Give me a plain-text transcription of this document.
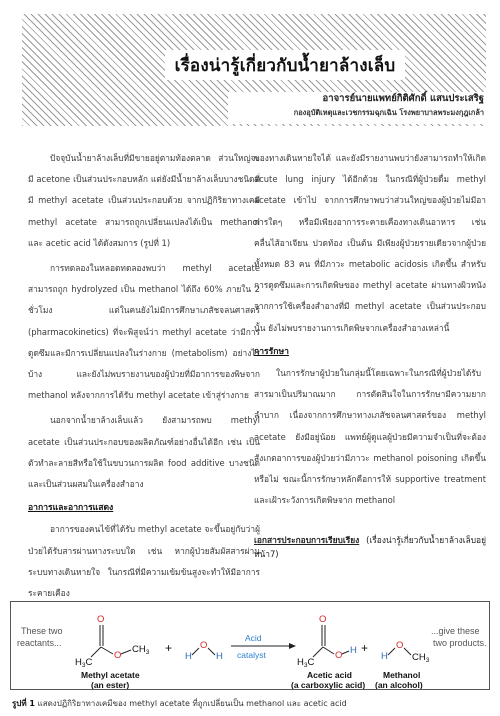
เรื่องน่ารู้เกี่ยวกับน้ำยาล้างเล็บ
อาจารย์นายแพทย์กิติศักดิ์ แสนประเสริฐ
กองอุบัติเหตุและเวชกรรมฉุกเฉิน โรงพยาบาลพระมงกุฎเกล้า

ปัจจุบันน้ำยาล้างเล็บที่มีขายอยู่ตามท้องตลาด ส่วนใหญ่จะมี acetone เป็นส่วนประกอบหลัก แต่ยังมีน้ำยาล้างเล็บบางชนิดที่มี methyl acetate เป็นส่วนประกอบด้วย จากปฏิกิริยาทางเคมี methyl acetate สามารถถูกเปลี่ยนแปลงได้เป็น methanol และ acetic acid ได้ดังสมการ (รูปที่ 1)

การทดลองในหลอดทดลองพบว่า methyl acetate สามารถถูก hydrolyzed เป็น methanol ได้ถึง 60% ภายใน 2 ชั่วโมง แต่ในคนยังไม่มีการศึกษาเภสัชจลนศาสตร์ (pharmacokinetics) ที่จะพิสูจน์ว่า methyl acetate ว่ามีการดูดซึมและมีการเปลี่ยนแปลงในร่างกาย (metabolism) อย่างไรบ้าง และยังไม่พบรายงานของผู้ป่วยที่มีอาการของพิษจาก methanol หลังจากการได้รับ methyl acetate เข้าสู่ร่างกาย

นอกจากน้ำยาล้างเล็บแล้ว ยังสามารถพบ methyl acetate เป็นส่วนประกอบของผลิตภัณฑ์อย่างอื่นได้อีก เช่น เป็นตัวทำละลายสีหรือใช้ในขบวนการผลิต food additive บางชนิด และเป็นส่วนผสมในเครื่องสำอาง

อาการและอาการแสดง

อาการของคนไข้ที่ได้รับ methyl acetate จะขึ้นอยู่กับว่าผู้ป่วยได้รับสารผ่านทางระบบใด เช่น หากผู้ป่วยสัมผัสสารผ่านระบบทางเดินหายใจ ในกรณีที่มีความเข้มข้นสูงจะทำให้มีอาการระคายเคือง

ของทางเดินหายใจได้ และยังมีรายงานพบว่ายังสามารถทำให้เกิด acute lung injury ได้อีกด้วย ในกรณีที่ผู้ป่วยดื่ม methyl acetate เข้าไป จากการศึกษาพบว่าส่วนใหญ่ของผู้ป่วยไม่มีอาการใดๆ หรือมีเพียงอาการระคายเคืองทางเดินอาหาร เช่น คลื่นไส้อาเจียน ปวดท้อง เป็นต้น มีเพียงผู้ป่วยรายเดียวจากผู้ป่วยทั้งหมด 83 คน ที่มีภาวะ metabolic acidosis เกิดขึ้น สำหรับการดูดซึมและการเกิดพิษของ methyl acetate ผ่านทางผิวหนังจากการใช้เครื่องสำอางที่มี methyl acetate เป็นส่วนประกอบนั้น ยังไม่พบรายงานการเกิดพิษจากเครื่องสำอางเหล่านี้

การรักษา

ในการรักษาผู้ป่วยในกลุ่มนี้โดยเฉพาะในกรณีที่ผู้ป่วยได้รับสารมาเป็นปริมาณมาก การตัดสินใจในการรักษามีความยากลำบาก เนื่องจากการศึกษาทางเภสัชจลนศาสตร์ของ methyl acetate ยังมีอยู่น้อย แพทย์ผู้ดูแลผู้ป่วยมีความจำเป็นที่จะต้องสังเกตอาการของผู้ป่วยว่ามีภาวะ methanol poisoning เกิดขึ้นหรือไม่ ขณะนี้การรักษาหลักคือการให้ supportive treatment และเฝ้าระวังการเกิดพิษจาก methanol

เอกสารประกอบการเรียบเรียง (เรื่องน่ารู้เกี่ยวกับน้ำยาล้างเล็บอยู่หน้า7)
These two
reactants...
O
$H_3C$
O
$CH_3$
Methyl acetate
(an ester)
+
H
O
H
Acid
catalyst
O
$H_3C$
O H
Acetic acid
(a carboxylic acid)
+
H
O
$CH_3$
Methanol
(an alcohol)
...give these
two products.
รูปที่ 1 แสดงปฏิกิริยาทางเคมีของ methyl acetate ที่ถูกเปลี่ยนเป็น methanol และ acetic acid
